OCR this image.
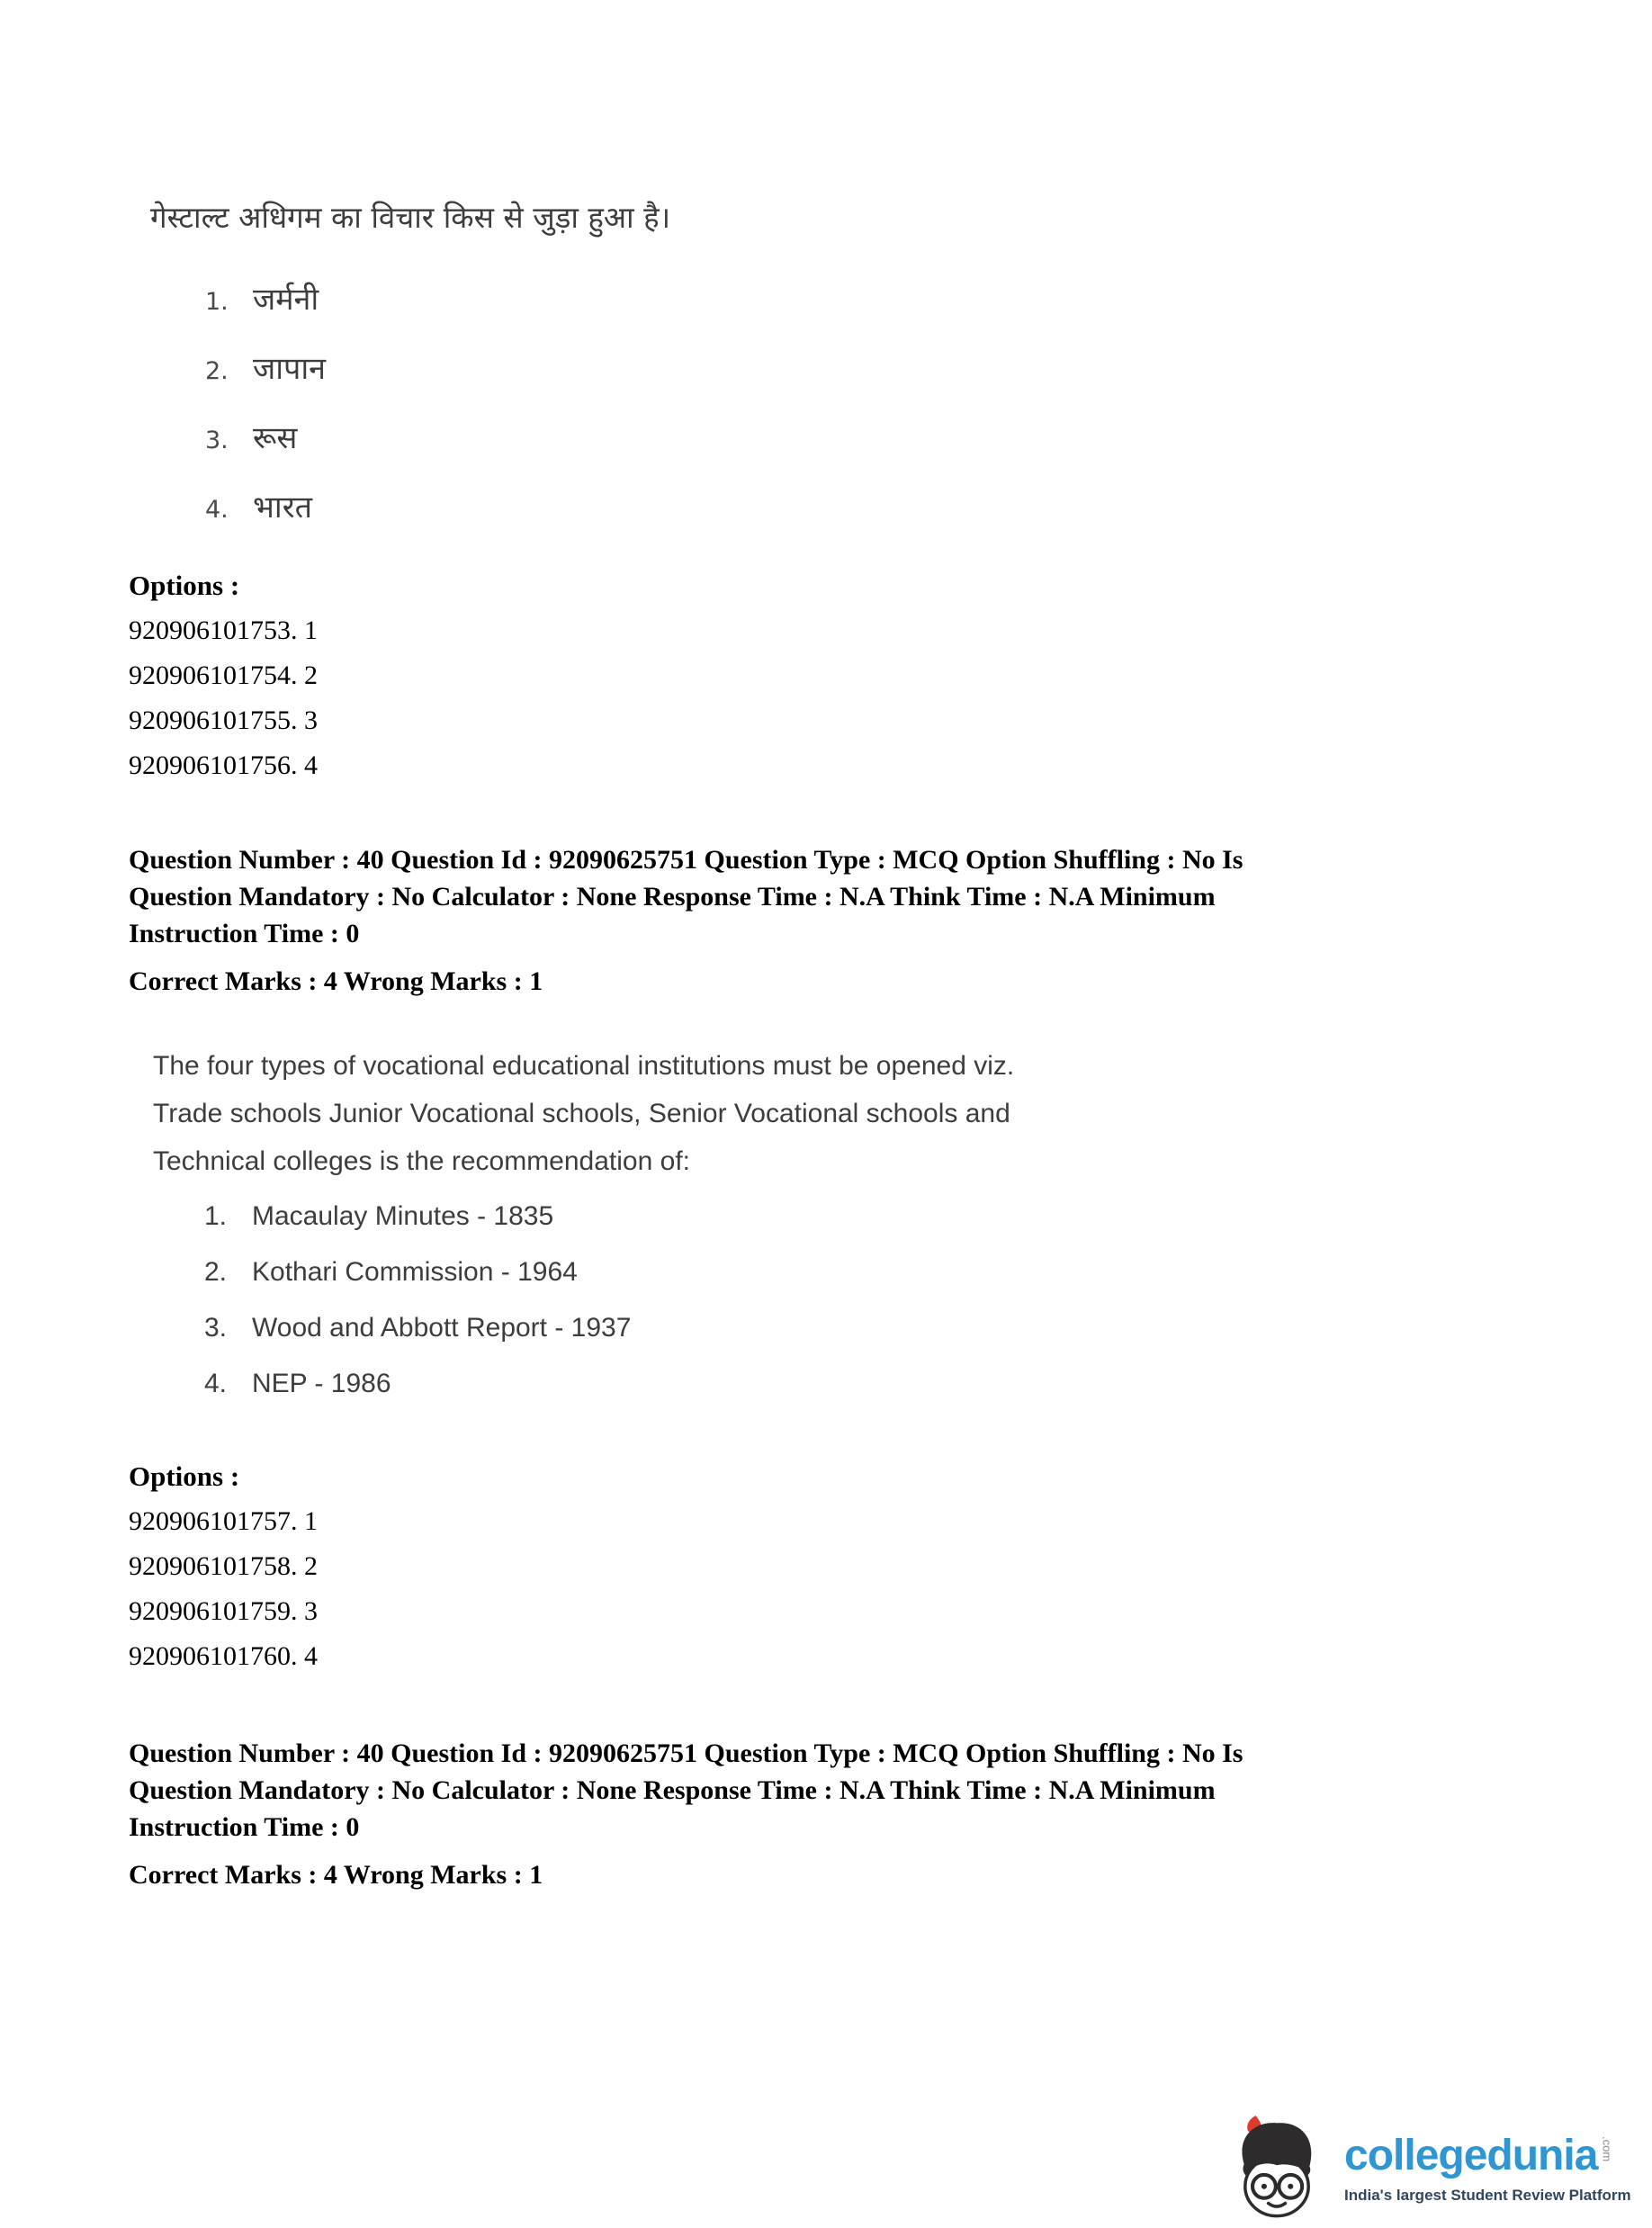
गेस्टाल्ट अधिगम का विचार किस से जुड़ा हुआ है।
1. जर्मनी
2. जापान
3. रूस
4. भारत
Options :
920906101753. 1
920906101754. 2
920906101755. 3
920906101756. 4
Question Number : 40 Question Id : 92090625751 Question Type : MCQ Option Shuffling : No Is
Question Mandatory : No Calculator : None Response Time : N.A Think Time : N.A Minimum
Instruction Time : 0
Correct Marks : 4 Wrong Marks : 1
The four types of vocational educational institutions must be opened viz.
Trade schools Junior Vocational schools, Senior Vocational schools and
Technical colleges is the recommendation of:
1. Macaulay Minutes - 1835
2. Kothari Commission - 1964
3. Wood and Abbott Report - 1937
4. NEP - 1986
Options :
920906101757. 1
920906101758. 2
920906101759. 3
920906101760. 4
Question Number : 40 Question Id : 92090625751 Question Type : MCQ Option Shuffling : No Is
Question Mandatory : No Calculator : None Response Time : N.A Think Time : N.A Minimum
Instruction Time : 0
Correct Marks : 4 Wrong Marks : 1
collegedunia .com
India's largest Student Review Platform
